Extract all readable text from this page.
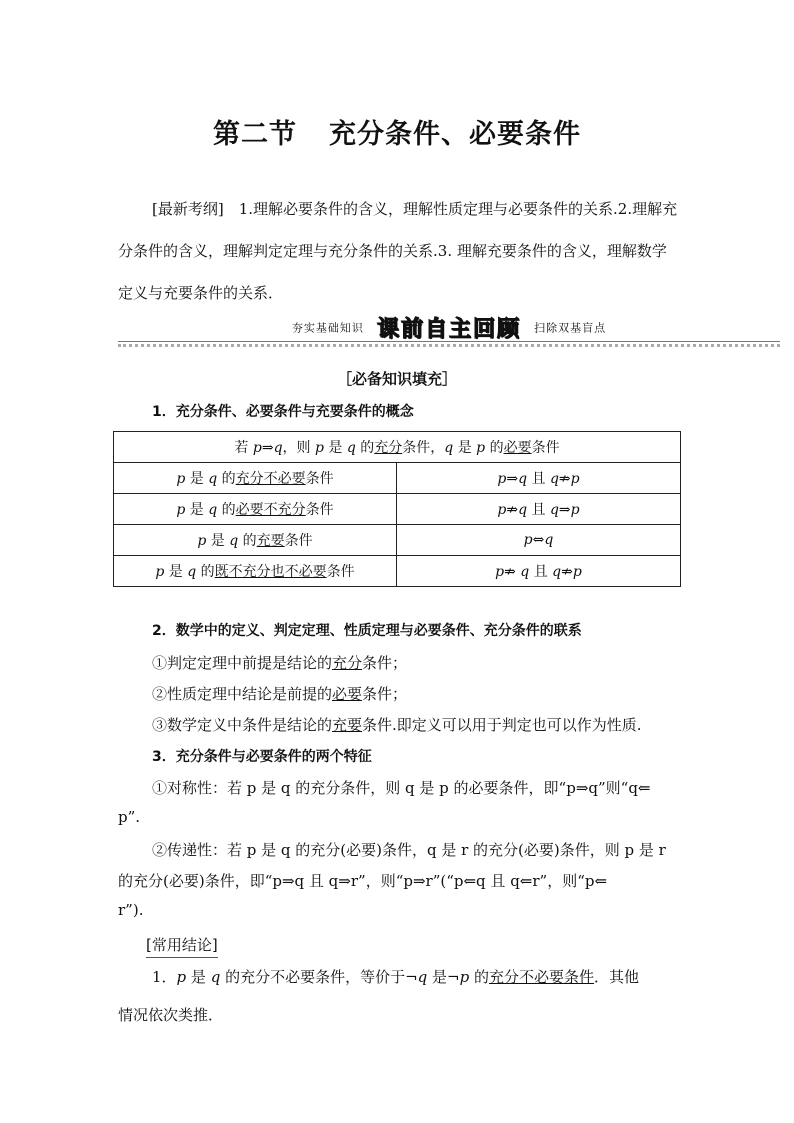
第二节 充分条件、必要条件
[最新考纲]　1.理解必要条件的含义，理解性质定理与必要条件的关系.2.理解充分条件的含义，理解判定定理与充分条件的关系.3. 理解充要条件的含义，理解数学定义与充要条件的关系．
夯实基础知识 课前自主回顾 扫除双基盲点
［必备知识填充］
1．充分条件、必要条件与充要条件的概念
若 p⇒q，则 p 是 q 的充分条件，q 是 p 的必要条件	
p 是 q 的充分不必要条件	p⇒q 且 q⇏p
p 是 q 的必要不充分条件	p⇏q 且 q⇒p
p 是 q 的充要条件	p⇔q
p 是 q 的既不充分也不必要条件	p⇏ q 且 q⇏p
2．数学中的定义、判定定理、性质定理与必要条件、充分条件的联系
①判定定理中前提是结论的充分条件；
②性质定理中结论是前提的必要条件；
③数学定义中条件是结论的充要条件.即定义可以用于判定也可以作为性质.
3．充分条件与必要条件的两个特征
①对称性：若 p 是 q 的充分条件，则 q 是 p 的必要条件，即“p⇒q”则“q⇐
p”.
②传递性：若 p 是 q 的充分(必要)条件，q 是 r 的充分(必要)条件，则 p 是 r
的充分(必要)条件，即“p⇒q 且 q⇒r”，则“p⇒r”(“p⇐q 且 q⇐r”，则“p⇐
r”).
[常用结论]
1．p 是 q 的充分不必要条件，等价于¬q 是¬p 的充分不必要条件．其他
情况依次类推．
